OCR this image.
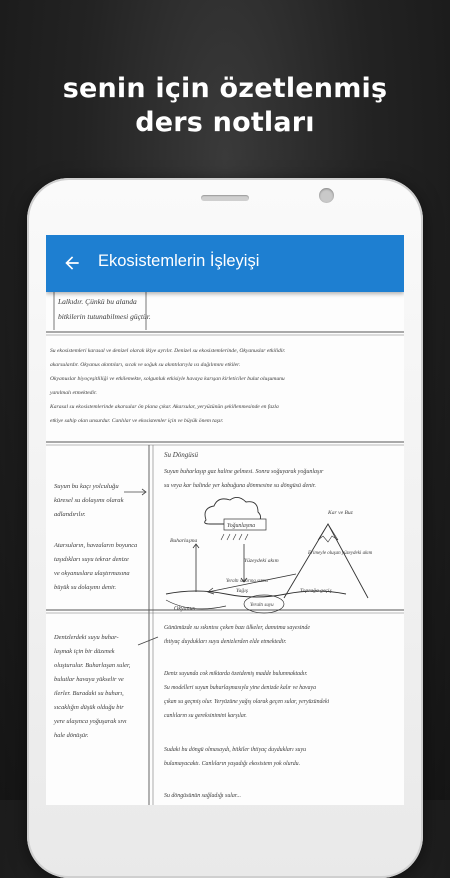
senin için özetlenmiş
ders notları
Ekosistemlerin İşleyişi
Lalkıdır. Çünkü bu alanda
bitkilerin tutunabilmesi güçtür.
Su ekosistemleri karasal ve denizel olarak ikiye ayrılır. Denizel su ekosistemlerinde, Okyanuslar etkilidir.
akarsulardır. Okyanus akıntıları, sıcak ve soğuk su akıntılarıyla ısı dağılımını etkiler.
Okyanuslar biyoçeşitliliği ve etkilemekte, solgunluk etkisiyle havaya karışan kirleticiler bulut oluşumunu
yanılmalı etmektedir.
Karasal su ekosistemlerinde akarsular ön plana çıkar. Akarsular, yeryüzünün şekillenmesinde en fazla
etkiye sahip olan unsurdur. Canlılar ve ekosistemler için ve büyük önem taşır.
Suyun bu kaçı yolculuğu
küresel su dolaşımı olarak
adlandırılır.
Atarsuların, havzaların boyunca
taşıdıkları suyu tekrar denize
ve okyanuslara ulaştırmasına
büyük su dolaşımı denir.
Denizlerdeki suyu buhar-
laşmak için bir düzenek
oluşturulur. Buharlaşan suler,
bulutlar havaya yükselir ve
ilerler. Buradaki su buharı,
sıcaklığın düşük olduğu bir
yere ulaşınca yoğuşarak sıvı
hale dönüşür.
Su Döngüsü
Suyun buharlaşıp gaz haline gelmesi. Sonra soğuyarak yoğunlaşır
su veya kar halinde yer kabuğuna dönmesine su döngüsü denir.
Yoğunlaşma
Buharlaşma
Yağış
Kar ve Buz
Erimeyle oluşan yüzeydeki akım
Yüzeydeki akım
Toprağa geçiş
Okyanus
Yeraltı sularına sızma
Yeraltı suyu
Günümüzde su sıkıntısı çeken bazı ülkeler, damıtma sayesinde
ihtiyaç duydukları suyu denizlerden elde etmektedir.
Deniz suyunda cok miktarda özetdemiş madde bulunmaktadır.
Su modelleri suyun buharlaşmasıyla yine denizde kalır ve havaya
çıkan su geçmiş olur. Yeryüzüne yağış olarak geçen sular, yeryüzündeki
canlıların su gereksinimini karşılar.
Sudaki bu döngü olmasaydı, bitkiler ihtiyaç duydukları suyu
bulamayacaktı. Canlıların yaşadığı ekosistem yok olurdu.
Su döngüsünün sağladığı sular...
